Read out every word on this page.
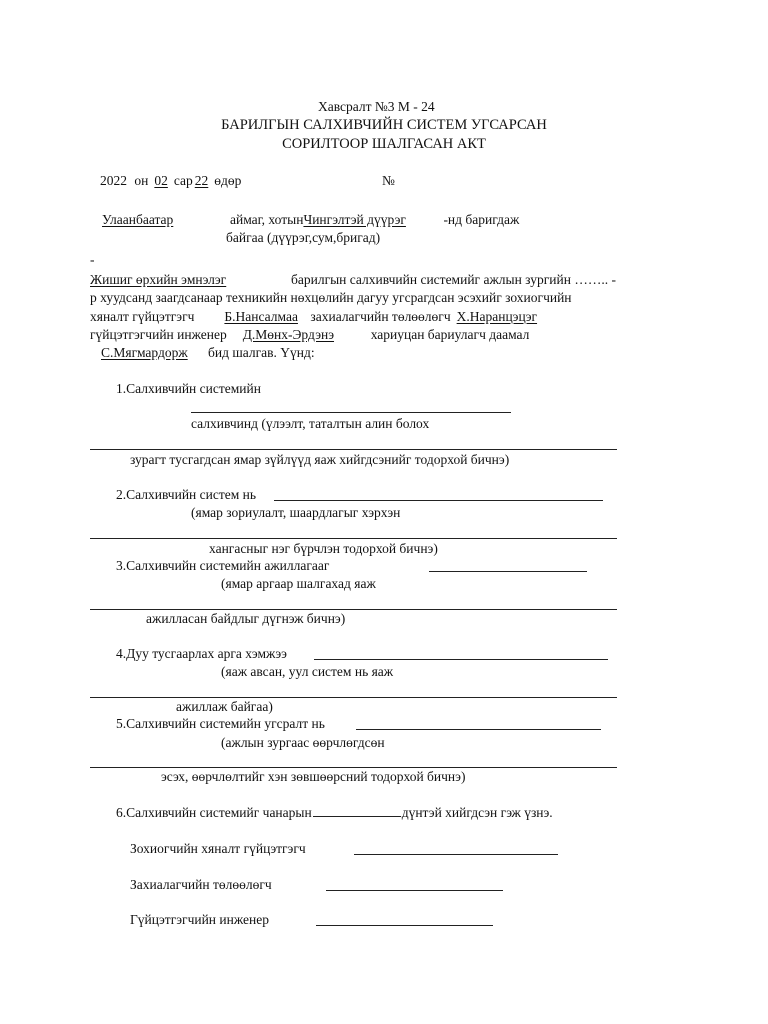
Хавсралт №3 М - 24
БАРИЛГЫН САЛХИВЧИЙН СИСТЕМ УГСАРСАН
СОРИЛТООР ШАЛГАСАН АКТ
2022 он 02 сар 22 өдөр	№
Улаанбаатар	аймаг, хотынЧингэлтэй дүүрэг	-нд баригдаж
байгаа (дүүрэг,сум,бригад)
-
Жишиг өрхийн эмнэлэг	барилгын салхивчийн системийг ажлын зургийн …….. -
р хуудсанд заагдсанаар техникийн нөхцөлийн дагуу угсрагдсан эсэхийг зохиогчийн
хяналт гүйцэтгэгч Б.Нансалмаа захиалагчийн төлөөлөгч Х.Наранцэцэг
гүйцэтгэгчийн инженер Д.Мөнх-Эрдэнэ	хариуцан бариулагч даамал
С.Мягмардорж бид шалгав. Үүнд:
1.Салхивчийн системийн
салхивчинд (үлээлт, таталтын алин болох
зурагт тусгагдсан ямар зүйлүүд яаж хийгдсэнийг тодорхой бичнэ)
2.Салхивчийн систем нь
(ямар зориулалт, шаардлагыг хэрхэн
хангасныг нэг бүрчлэн тодорхой бичнэ)
3.Салхивчийн системийн ажиллагааг
(ямар аргаар шалгахад яаж
ажилласан байдлыг дүгнэж бичнэ)
4.Дуу тусгаарлах арга хэмжээ
(яаж авсан, уул систем нь яаж
ажиллаж байгаа)
5.Салхивчийн системийн угсралт нь
(ажлын зургаас өөрчлөгдсөн
эсэх, өөрчлөлтийг хэн зөвшөөрсний тодорхой бичнэ)
6.Салхивчийн системийг чанарын	дүнтэй хийгдсэн гэж үзнэ.
Зохиогчийн хяналт гүйцэтгэгч
Захиалагчийн төлөөлөгч
Гүйцэтгэгчийн инженер
